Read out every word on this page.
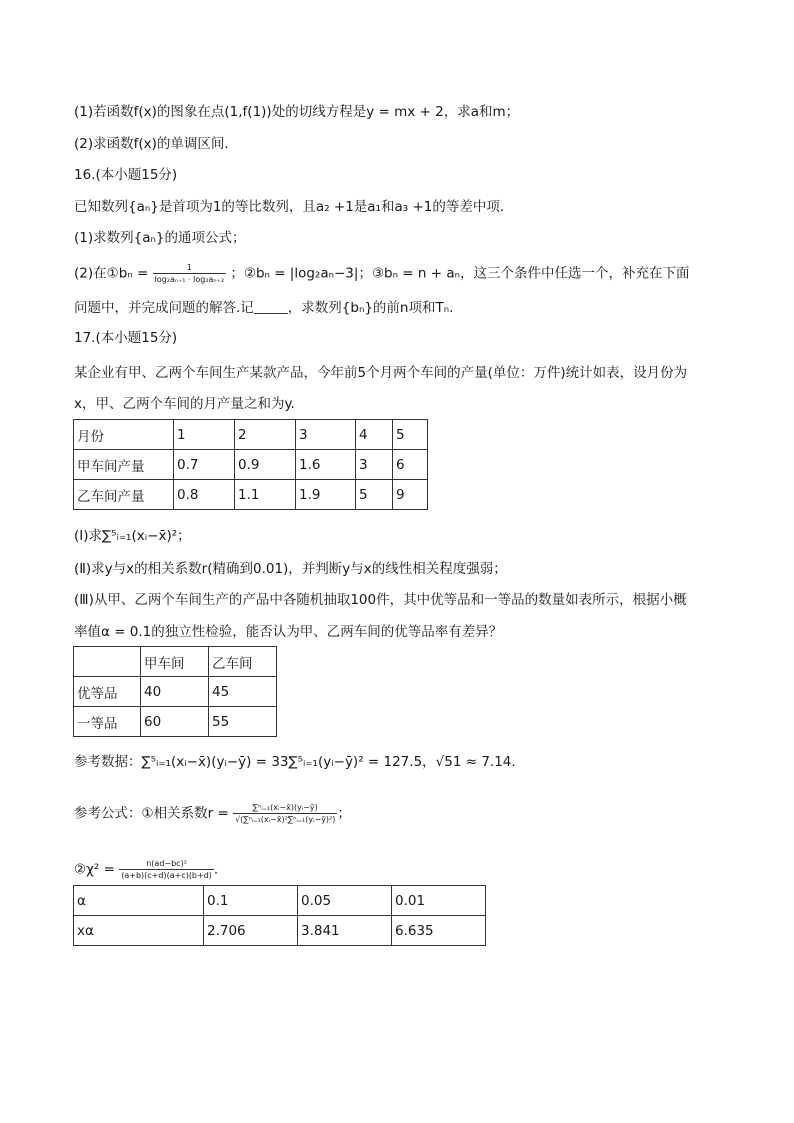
(1)若函数f(x)的图象在点(1,f(1))处的切线方程是y = mx + 2，求a和m；
(2)求函数f(x)的单调区间.
16.(本小题15分)
已知数列{aₙ}是首项为1的等比数列，且a₂ +1是a₁和a₃ +1的等差中项.
(1)求数列{aₙ}的通项公式；
(2)在①bₙ = $\frac{1}{\text{log₂aₙ₊₁ · log₂aₙ₊₂}}$ ；②bₙ = |log₂aₙ−3|；③bₙ = n + aₙ，这三个条件中任选一个，补充在下面
问题中，并完成问题的解答.记	，求数列{bₙ}的前n项和Tₙ.
17.(本小题15分)
某企业有甲、乙两个车间生产某款产品，今年前5个月两个车间的产量(单位：万件)统计如表，设月份为
x，甲、乙两个车间的月产量之和为y.
月份	1	2	3	4	5
甲车间产量	0.7	0.9	1.6	3	6
乙车间产量	0.8	1.1	1.9	5	9
(Ⅰ)求∑⁵ᵢ₌₁(xᵢ−x̄)²；
(Ⅱ)求y与x的相关系数r(精确到0.01)，并判断y与x的线性相关程度强弱；
(Ⅲ)从甲、乙两个车间生产的产品中各随机抽取100件，其中优等品和一等品的数量如表所示，根据小概
率值α = 0.1的独立性检验，能否认为甲、乙两车间的优等品率有差异？
	甲车间	乙车间
优等品	40	45
一等品	60	55
参考数据：∑⁵ᵢ₌₁(xᵢ−x̄)(yᵢ−ȳ) = 33∑⁵ᵢ₌₁(yᵢ−ȳ)² = 127.5，√51 ≈ 7.14.
参考公式：①相关系数$r = \frac{\text{∑ⁿᵢ₌₁(xᵢ−x̄)(yᵢ−ȳ)}}{\text{√(∑ⁿᵢ₌₁(xᵢ−x̄)²∑ⁿᵢ₌₁(yᵢ−ȳ)²)}}$ ；
②χ² = $\frac{\text{n(ad−bc)²}}{(a+b)(c+d)(a+c)(b+d)}$ .
α	0.1	0.05	0.01
xα	2.706	3.841	6.635
